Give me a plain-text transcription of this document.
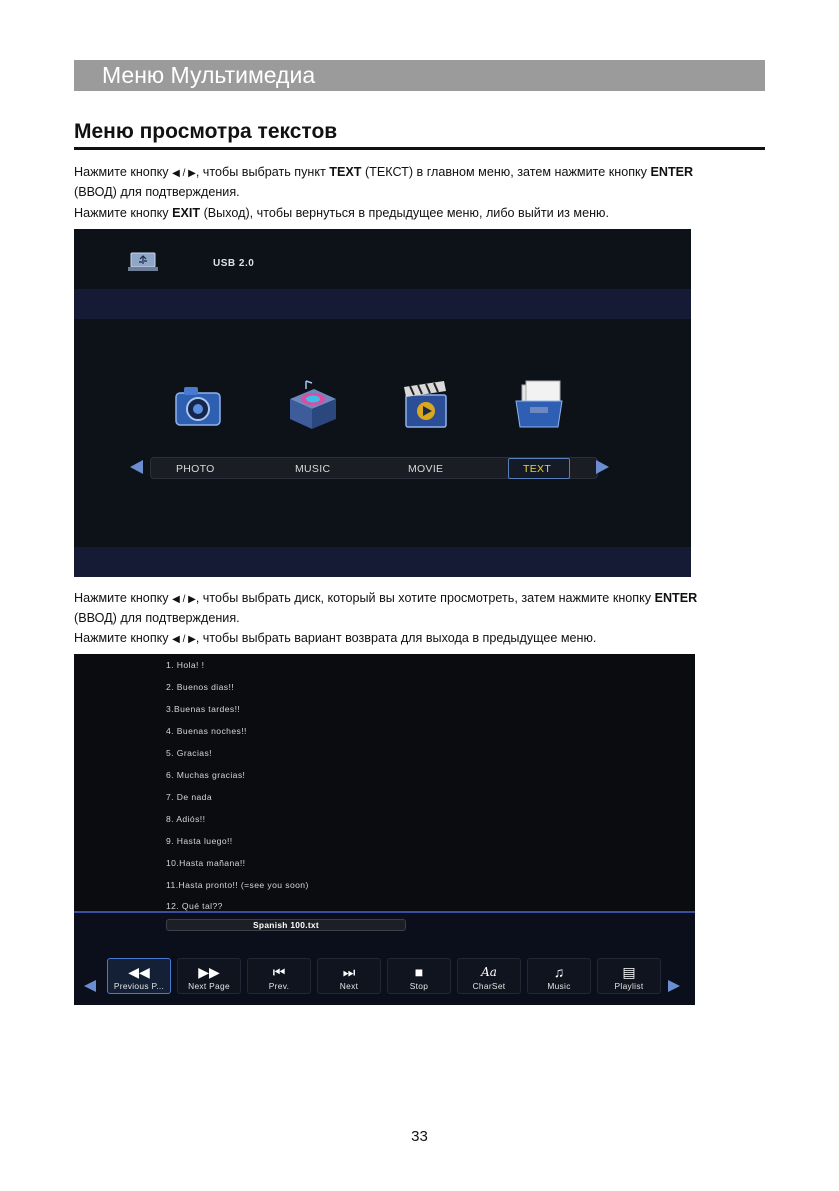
Меню Мультимедиа
Меню просмотра текстов
Нажмите кнопку ◀ / ▶, чтобы выбрать пункт TEXT (ТЕКСТ) в главном меню, затем нажмите кнопку ENTER
(ВВОД) для подтверждения.
Нажмите кнопку EXIT (Выход), чтобы вернуться в предыдущее меню, либо выйти из меню.
USB 2.0
PHOTO	MUSIC	MOVIE	TEXT
Нажмите кнопку ◀ / ▶, чтобы выбрать диск, который вы хотите просмотреть, затем нажмите кнопку ENTER
(ВВОД) для подтверждения.
Нажмите кнопку ◀ / ▶, чтобы выбрать вариант возврата для выхода в предыдущее меню.
1. Hola! !
2. Buenos dias!!
3.Buenas tardes!!
4. Buenas noches!!
5. Gracias!
6. Muchas gracias!
7. De nada
8. Adiós!!
9. Hasta luego!!
10.Hasta mañana!!
11.Hasta pronto!! (=see you soon)
12. Qué tal??
Spanish 100.txt
◀◀
Previous P...
▶▶
Next Page
⏮
Prev.
⏭
Next
■
Stop
Aa
CharSet
♫
Music
▤
Playlist
33
